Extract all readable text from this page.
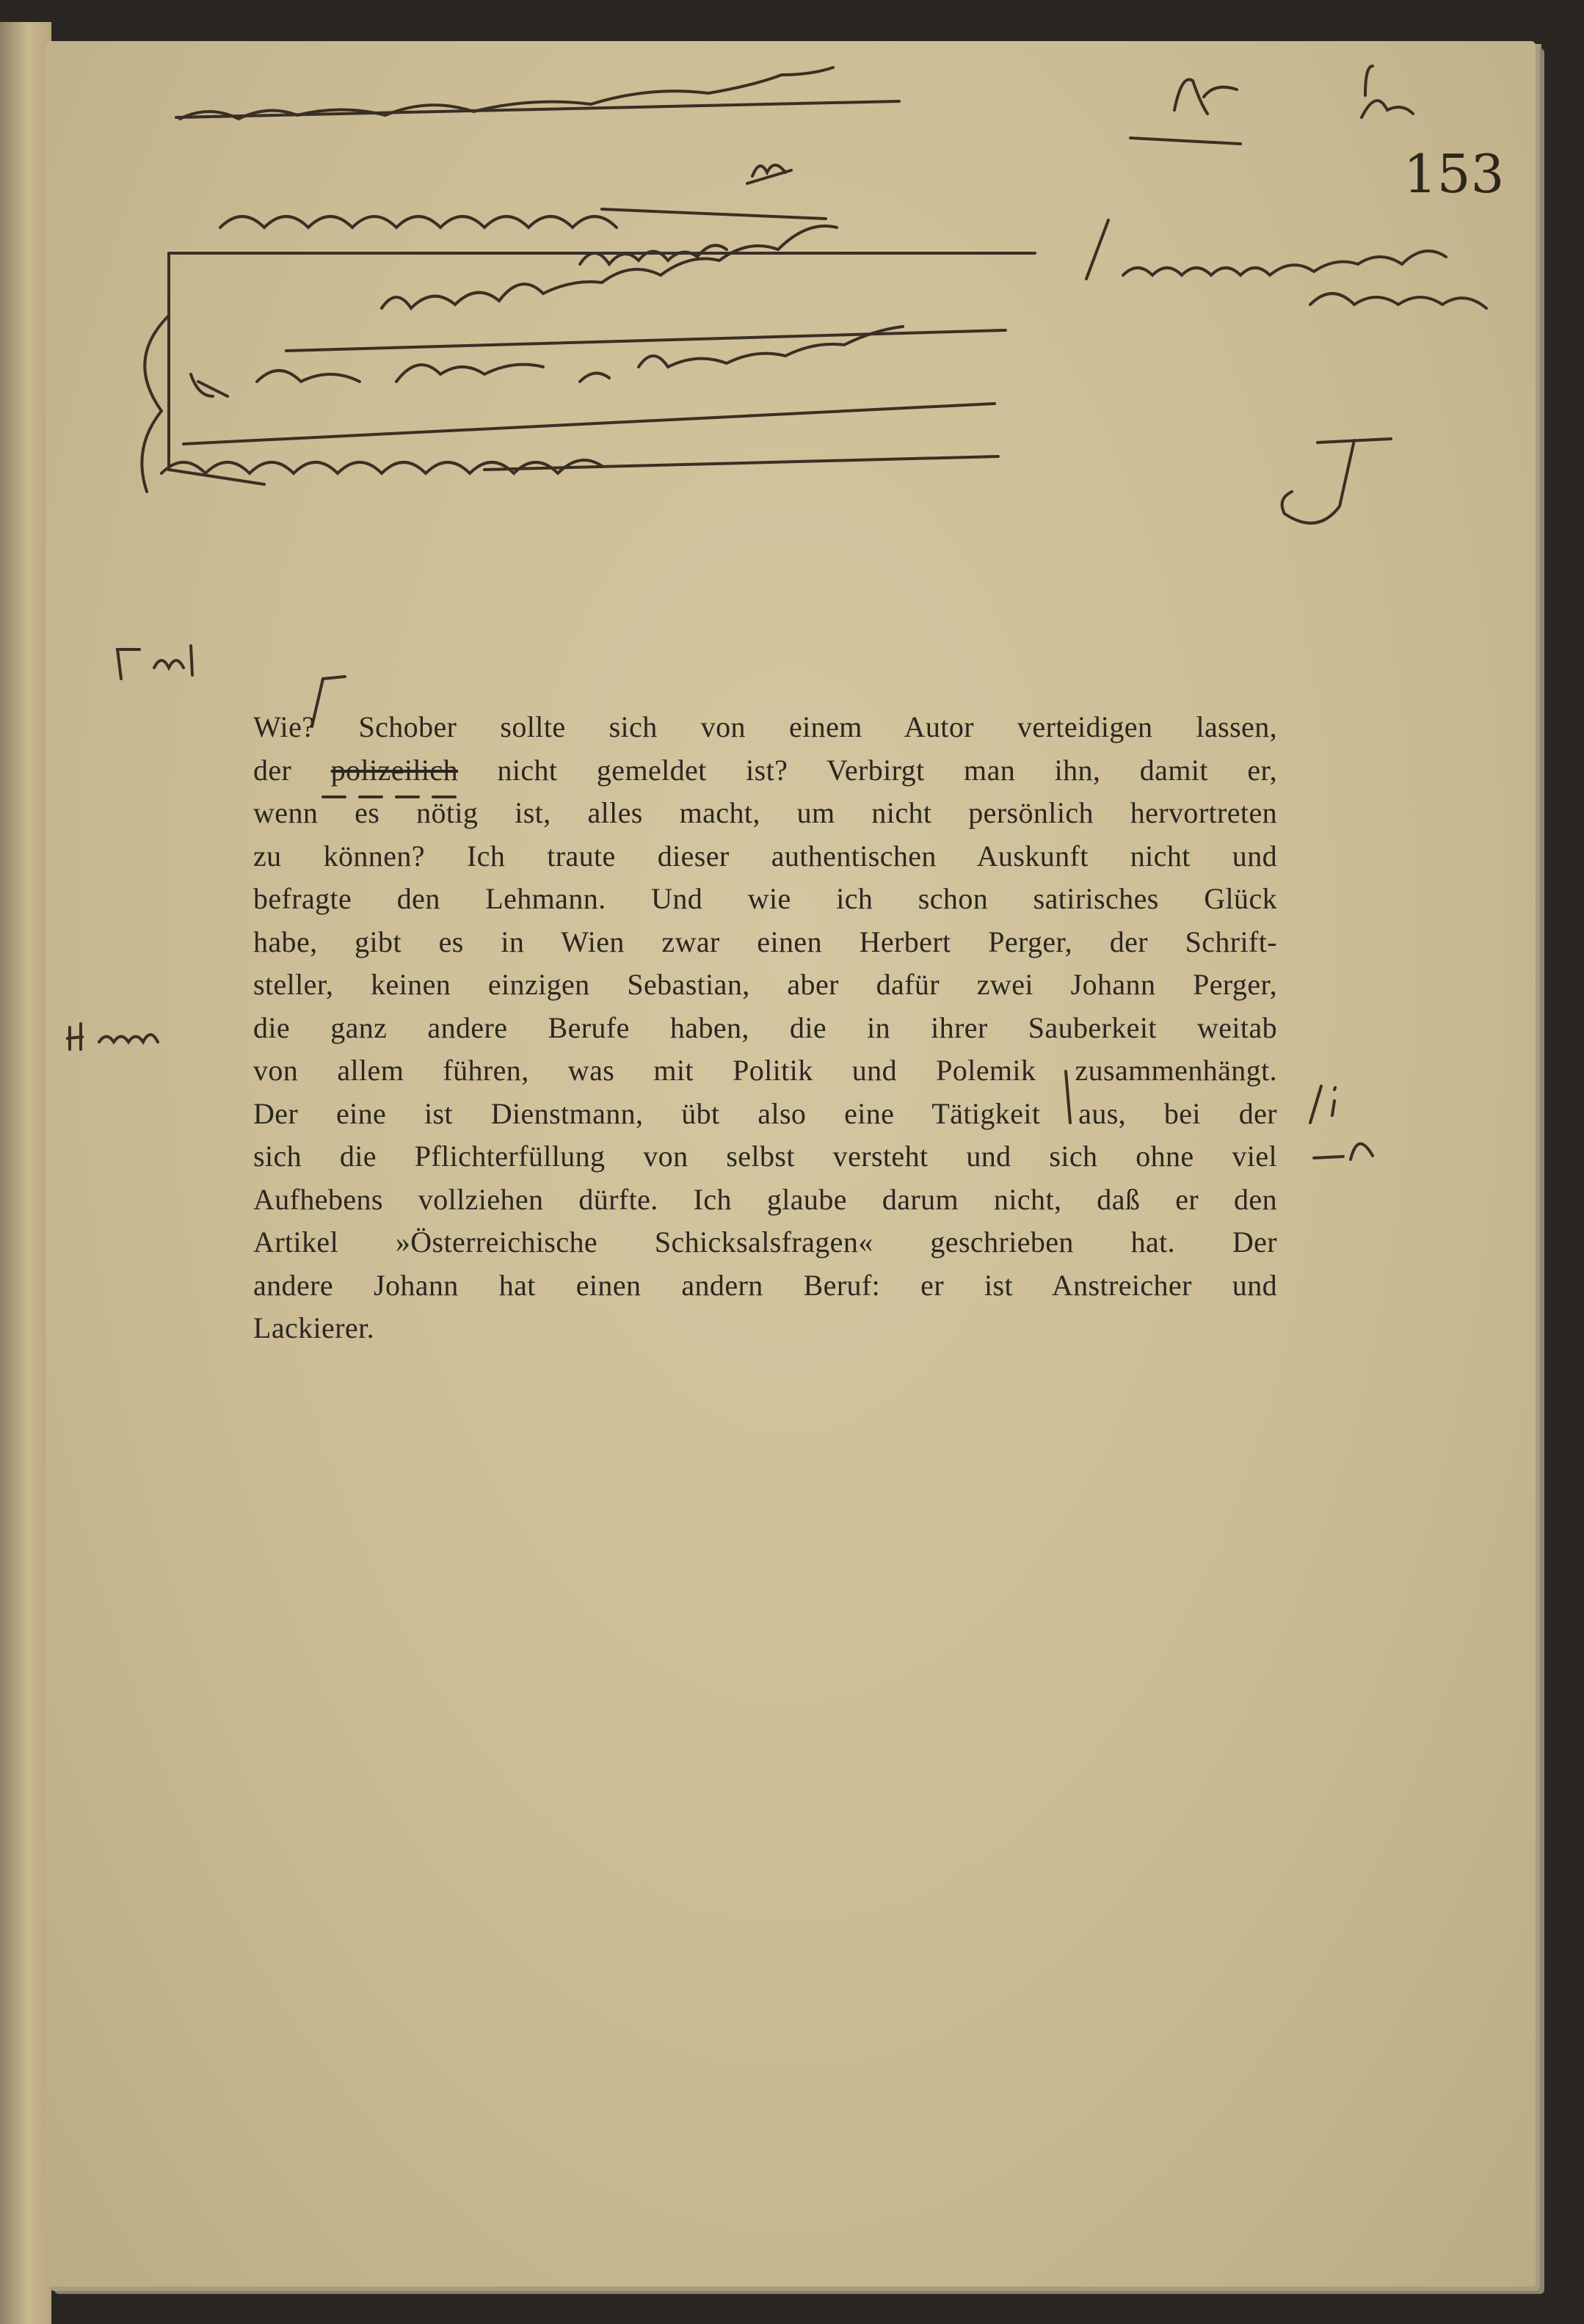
153
Wie? Schober sollte sich von einem Autor verteidigen lassen,
der polizeilich nicht gemeldet ist? Verbirgt man ihn, damit er,
wenn es nötig ist, alles macht, um nicht persönlich hervortreten
zu können? Ich traute dieser authentischen Auskunft nicht und
befragte den Lehmann. Und wie ich schon satirisches Glück
habe, gibt es in Wien zwar einen Herbert Perger, der Schrift-
steller, keinen einzigen Sebastian, aber dafür zwei Johann Perger,
die ganz andere Berufe haben, die in ihrer Sauberkeit weitab
von allem führen, was mit Politik und Polemik zusammenhängt.
Der eine ist Dienstmann, übt also eine Tätigkeit aus, bei der
sich die Pflichterfüllung von selbst versteht und sich ohne viel
Aufhebens vollziehen dürfte. Ich glaube darum nicht, daß er den
Artikel »Österreichische Schicksalsfragen« geschrieben hat. Der
andere Johann hat einen andern Beruf: er ist Anstreicher und
Lackierer.
